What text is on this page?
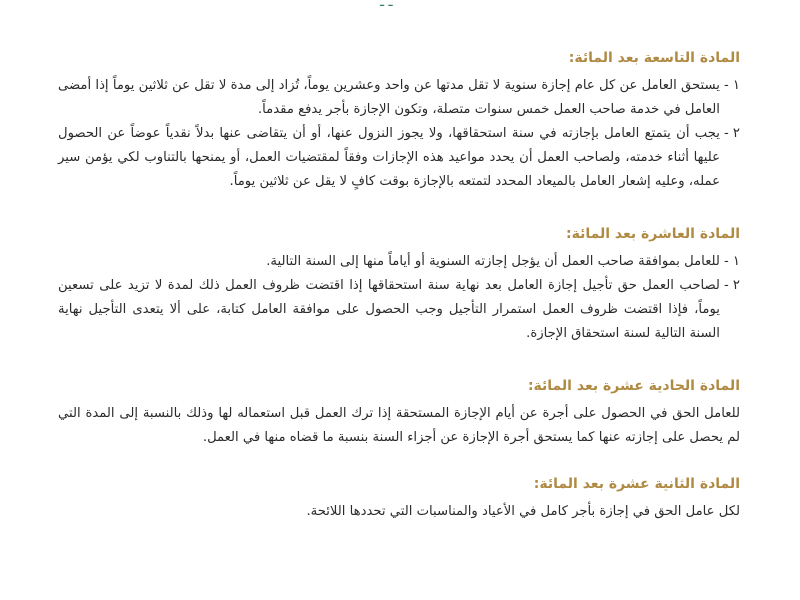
ـ ـ
المادة التاسعة بعد المائة:
١ -
يستحق العامل عن كل عام إجازة سنوية لا تقل مدتها عن واحد وعشرين يوماً، تُزاد إلى مدة لا تقل عن ثلاثين يوماً إذا أمضى العامل في خدمة صاحب العمل خمس سنوات متصلة، وتكون الإجازة بأجر يدفع مقدماً.
٢ -
يجب أن يتمتع العامل بإجازته في سنة استحقاقها، ولا يجوز النزول عنها، أو أن يتقاضى عنها بدلاً نقدياً عوضاً عن الحصول عليها أثناء خدمته، ولصاحب العمل أن يحدد مواعيد هذه الإجازات وفقاً لمقتضيات العمل، أو يمنحها بالتناوب لكي يؤمن سير عمله، وعليه إشعار العامل بالميعاد المحدد لتمتعه بالإجازة بوقت كافٍ لا يقل عن ثلاثين يوماً.
المادة العاشرة بعد المائة:
١ -
للعامل بموافقة صاحب العمل أن يؤجل إجازته السنوية أو أياماً منها إلى السنة التالية.
٢ -
لصاحب العمل حق تأجيل إجازة العامل بعد نهاية سنة استحقاقها إذا اقتضت ظروف العمل ذلك لمدة لا تزيد على تسعين يوماً، فإذا اقتضت ظروف العمل استمرار التأجيل وجب الحصول على موافقة العامل كتابة، على ألا يتعدى التأجيل نهاية السنة التالية لسنة استحقاق الإجازة.
المادة الحادية عشرة بعد المائة:
للعامل الحق في الحصول على أجرة عن أيام الإجازة المستحقة إذا ترك العمل قبل استعماله لها وذلك بالنسبة إلى المدة التي لم يحصل على إجازته عنها كما يستحق أجرة الإجازة عن أجزاء السنة بنسبة ما قضاه منها في العمل.
المادة الثانية عشرة بعد المائة:
لكل عامل الحق في إجازة بأجر كامل في الأعياد والمناسبات التي تحددها اللائحة.
